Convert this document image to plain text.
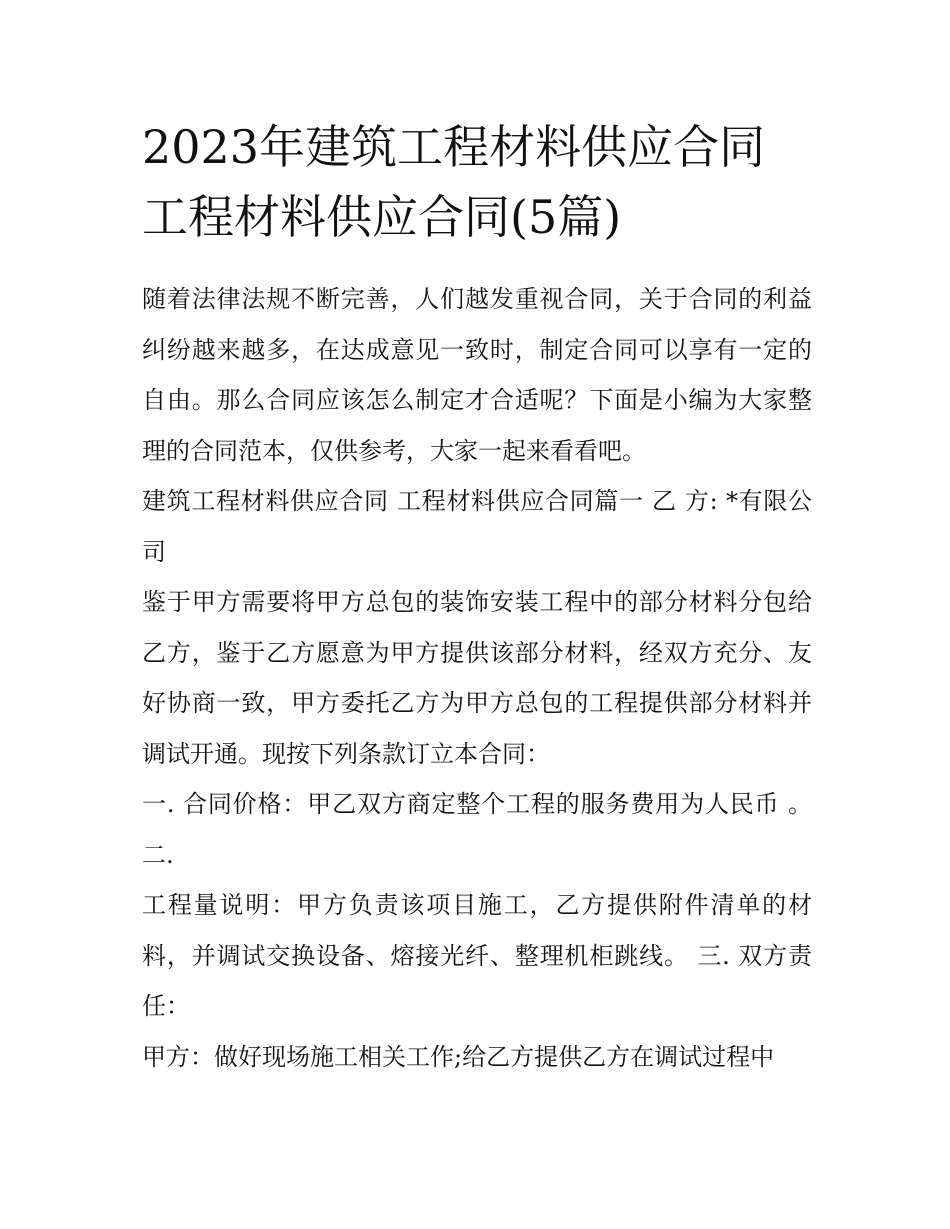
2023年建筑工程材料供应合同
工程材料供应合同(5篇)

随着法律法规不断完善，人们越发重视合同，关于合同的利益纠纷越来越多，在达成意见一致时，制定合同可以享有一定的自由。那么合同应该怎么制定才合适呢？下面是小编为大家整理的合同范本，仅供参考，大家一起来看看吧。

建筑工程材料供应合同 工程材料供应合同篇一 乙 方: *有限公司

鉴于甲方需要将甲方总包的装饰安装工程中的部分材料分包给乙方，鉴于乙方愿意为甲方提供该部分材料，经双方充分、友好协商一致，甲方委托乙方为甲方总包的工程提供部分材料并调试开通。现按下列条款订立本合同：

一. 合同价格：甲乙双方商定整个工程的服务费用为人民币 。二.

工程量说明：甲方负责该项目施工，乙方提供附件清单的材料，并调试交换设备、熔接光纤、整理机柜跳线。 三. 双方责任：

甲方：做好现场施工相关工作;给乙方提供乙方在调试过程中
